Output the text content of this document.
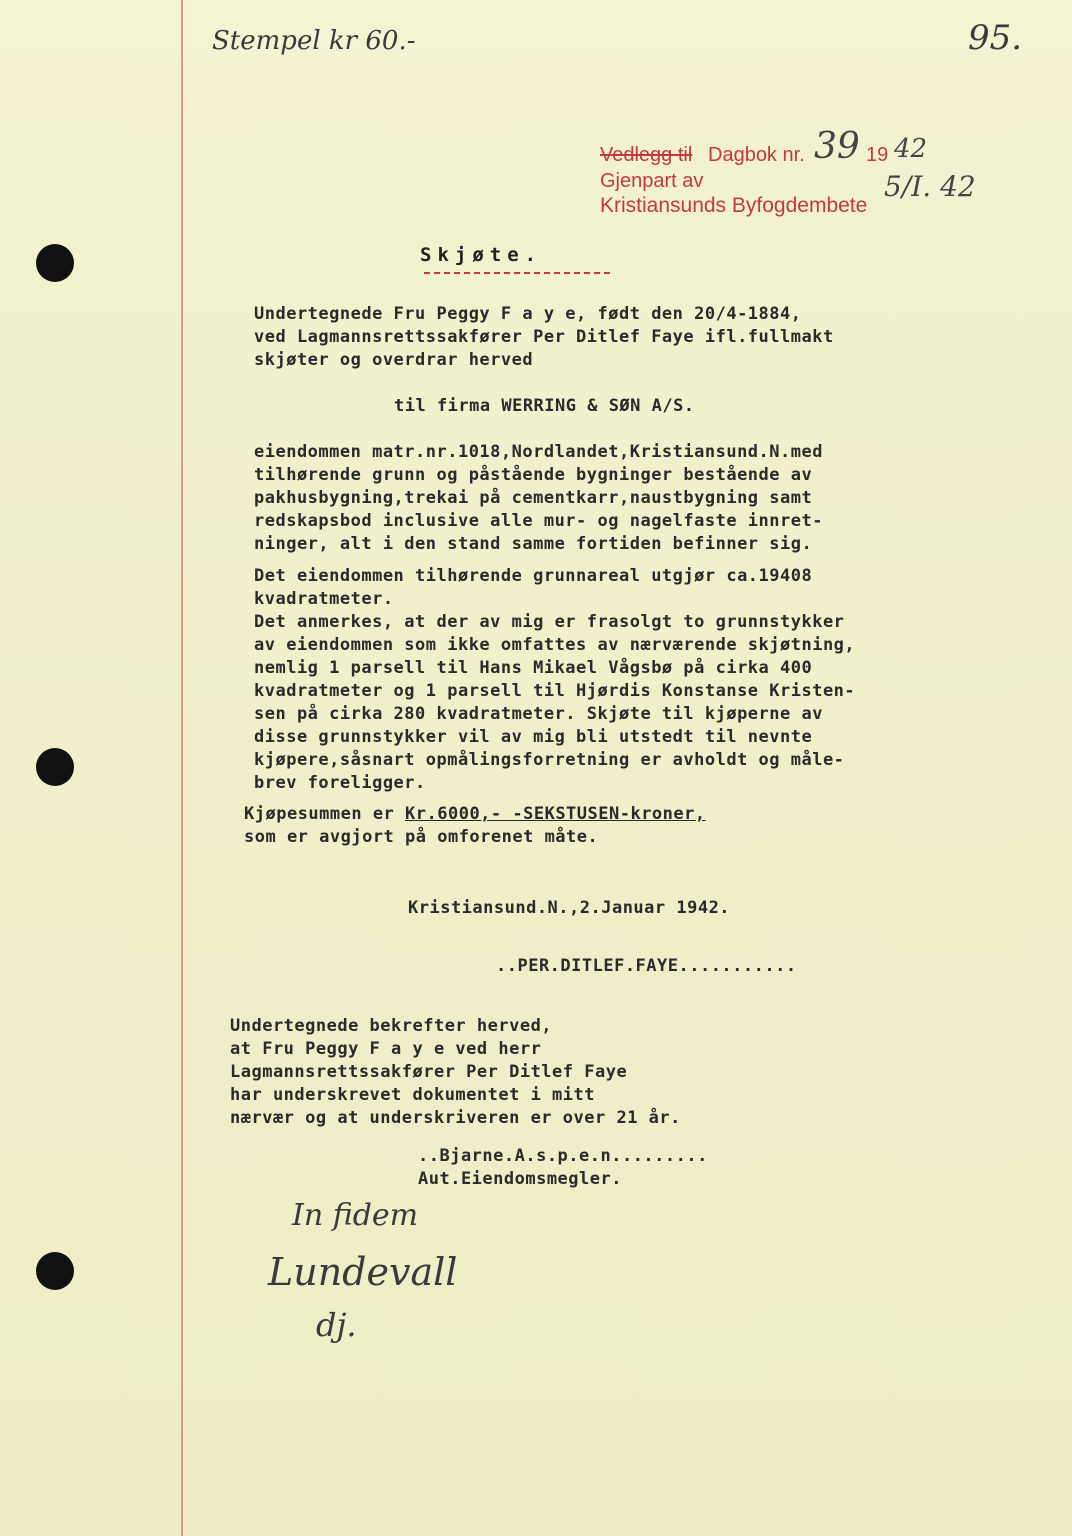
Stempel kr 60.-	95.
Vedlegg til Dagbok nr. 39 19 42
Gjenpart av
Kristiansunds Byfogdembete
5/I. 42
Skjøte.
Undertegnede Fru Peggy F a y e, født den 20/4-1884,
ved Lagmannsrettssakfører Per Ditlef Faye ifl.fullmakt
skjøter og overdrar herved
til firma WERRING & SØN A/S.
eiendommen matr.nr.1018,Nordlandet,Kristiansund.N.med
tilhørende grunn og påstående bygninger bestående av
pakhusbygning,trekai på cementkarr,naustbygning samt
redskapsbod inclusive alle mur- og nagelfaste innret-
ninger, alt i den stand samme fortiden befinner sig.
Det eiendommen tilhørende grunnareal utgjør ca.19408
kvadratmeter.
Det anmerkes, at der av mig er frasolgt to grunnstykker
av eiendommen som ikke omfattes av nærværende skjøtning,
nemlig 1 parsell til Hans Mikael Vågsbø på cirka 400
kvadratmeter og 1 parsell til Hjørdis Konstanse Kristen-
sen på cirka 280 kvadratmeter. Skjøte til kjøperne av
disse grunnstykker vil av mig bli utstedt til nevnte
kjøpere,såsnart opmålingsforretning er avholdt og måle-
brev foreligger.
Kjøpesummen er Kr.6000,- -SEKSTUSEN-kroner,
som er avgjort på omforenet måte.
Kristiansund.N.,2.Januar 1942.
..PER.DITLEF.FAYE...........
Undertegnede bekrefter herved,
at Fru Peggy F a y e ved herr
Lagmannsrettssakfører Per Ditlef Faye
har underskrevet dokumentet i mitt
nærvær og at underskriveren er over 21 år.
..Bjarne.A.s.p.e.n.........
Aut.Eiendomsmegler.
In fidem
Lundevall
dj.
